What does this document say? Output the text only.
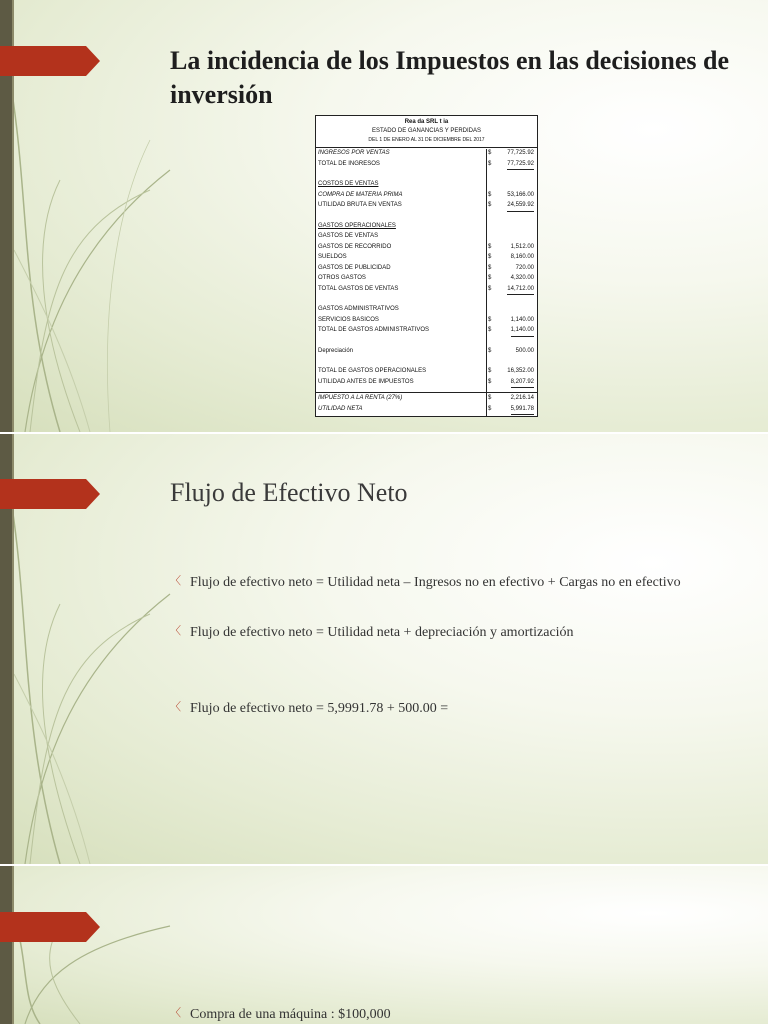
La incidencia de los Impuestos en las decisiones de inversión
Rea da SRL t ia
ESTADO DE GANANCIAS Y PERDIDAS
DEL 1 DE ENERO AL 31 DE DICIEMBRE DEL 2017
INGRESOS POR VENTAS	$	77,725.92
TOTAL DE INGRESOS	$	77,725.92
COSTOS DE VENTAS
COMPRA DE MATERIA PRIMA	$	53,166.00
UTILIDAD BRUTA EN VENTAS	$	24,559.92
GASTOS OPERACIONALES
GASTOS DE VENTAS
GASTOS DE RECORRIDO	$	1,512.00
SUELDOS	$	8,160.00
GASTOS DE PUBLICIDAD	$	720.00
OTROS GASTOS	$	4,320.00
TOTAL GASTOS DE VENTAS	$	14,712.00
GASTOS ADMINISTRATIVOS
SERVICIOS BASICOS	$	1,140.00
TOTAL DE GASTOS ADMINISTRATIVOS	$	1,140.00
Depreciación	$	500.00
TOTAL DE GASTOS OPERACIONALES	$	16,352.00
UTILIDAD ANTES DE IMPUESTOS	$	8,207.92
IMPUESTO A LA RENTA (27%)	$	2,216.14
UTILIDAD NETA	$	5,991.78
Flujo de Efectivo Neto
〈 Flujo de efectivo neto = Utilidad neta – Ingresos no en efectivo + Cargas no en efectivo
〈 Flujo de efectivo neto = Utilidad neta + depreciación y amortización
〈 Flujo de efectivo neto = 5,9991.78 + 500.00 =
〈 Compra de una máquina : $100,000
